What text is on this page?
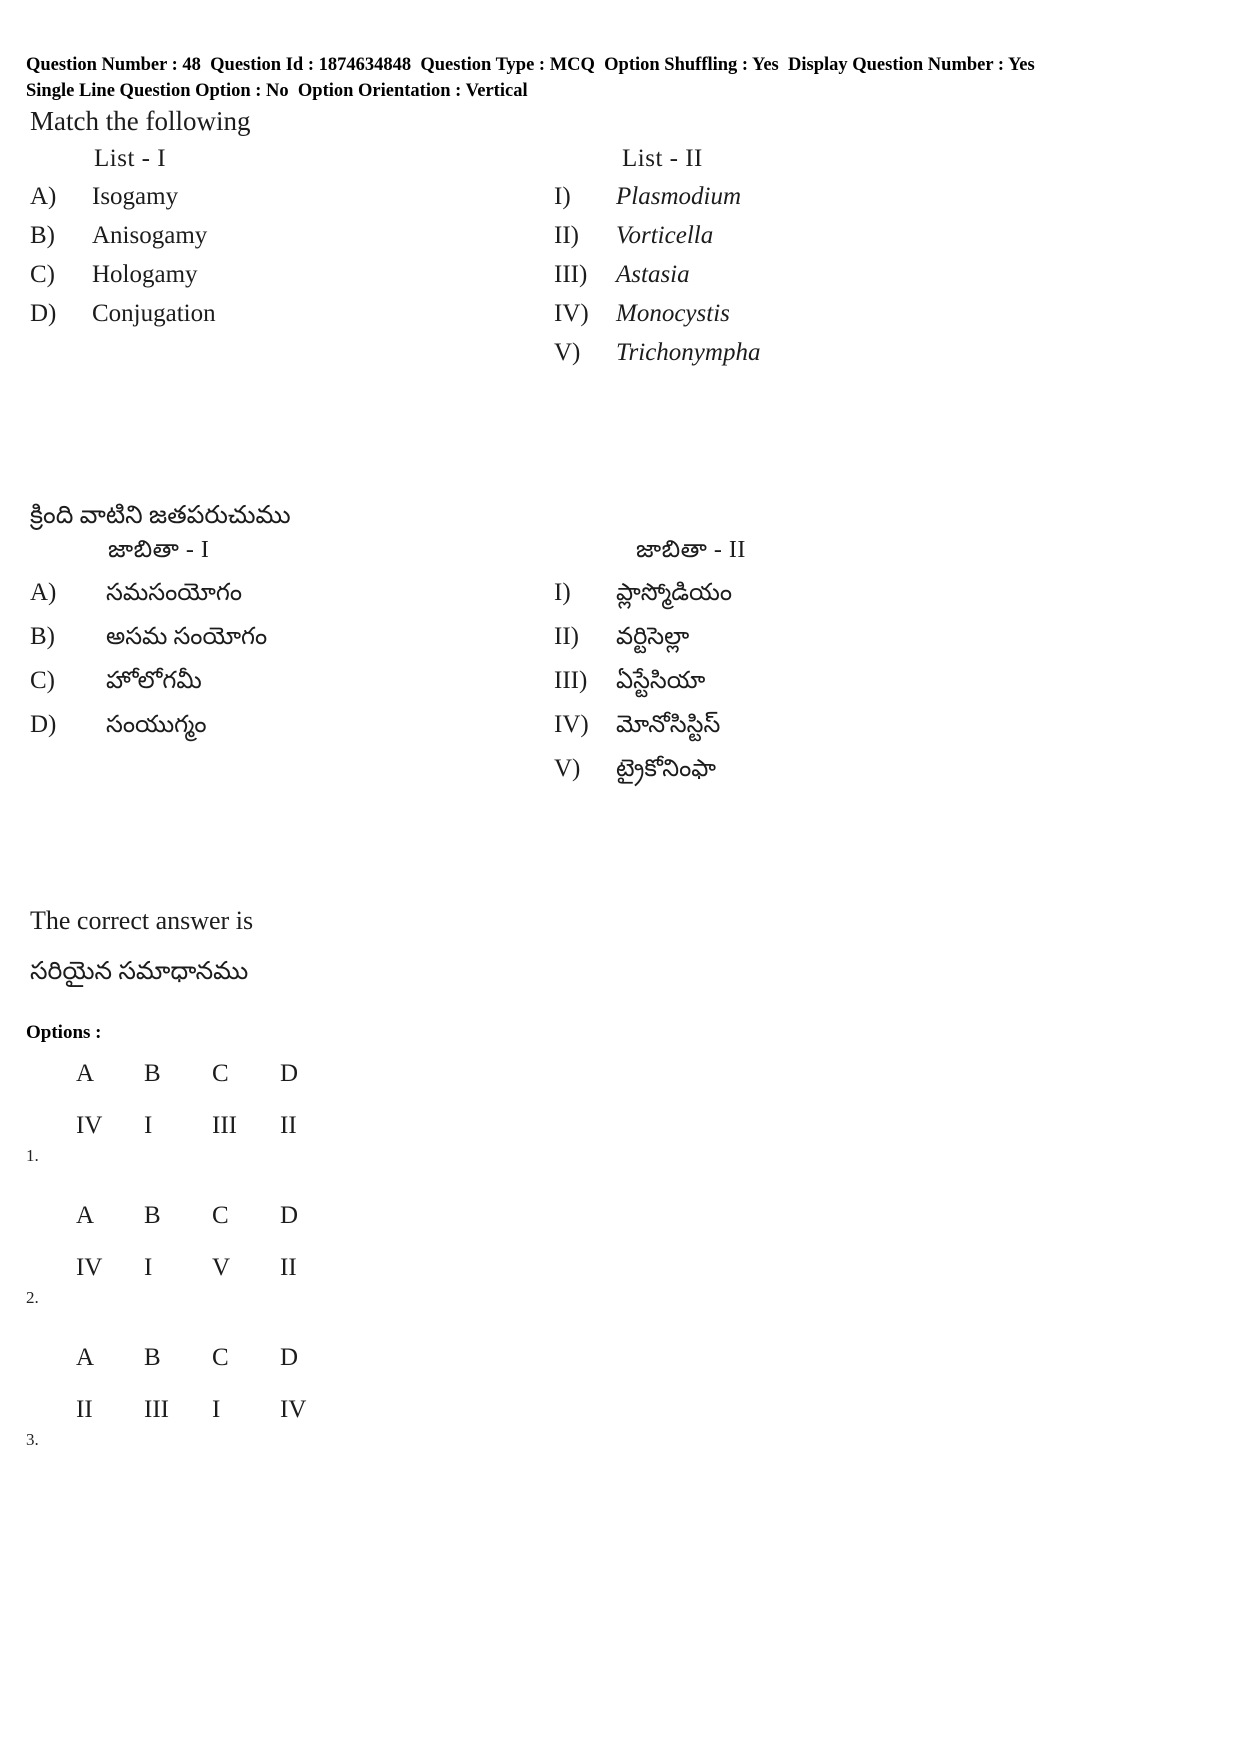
Question Number : 48  Question Id : 1874634848  Question Type : MCQ  Option Shuffling : Yes  Display Question Number : Yes
Single Line Question Option : No  Option Orientation : Vertical
Match the following
List - I
A)	Isogamy
B)	Anisogamy
C)	Hologamy
D)	Conjugation
List - II
I)	Plasmodium
II)	Vorticella
III)	Astasia
IV)	Monocystis
V)	Trichonympha
క్రింది వాటిని జతపరుచుము
జాబితా - I
A)	సమసంయోగం
B)	అసమ సంయోగం
C)	హోలోగమీ
D)	సంయుగ్మం
జాబితా - II
I)	ప్లాస్మోడియం
II)	వర్టిసెల్లా
III)	ఏస్టేసియా
IV)	మోనోసిస్టిస్
V)	ట్రైకోనింఫా
The correct answer is
సరియైన సమాధానము
Options :
1.
A	B	C	D
IV	I	III	II
2.
A	B	C	D
IV	I	V	II
3.
A	B	C	D
II	III	I	IV
